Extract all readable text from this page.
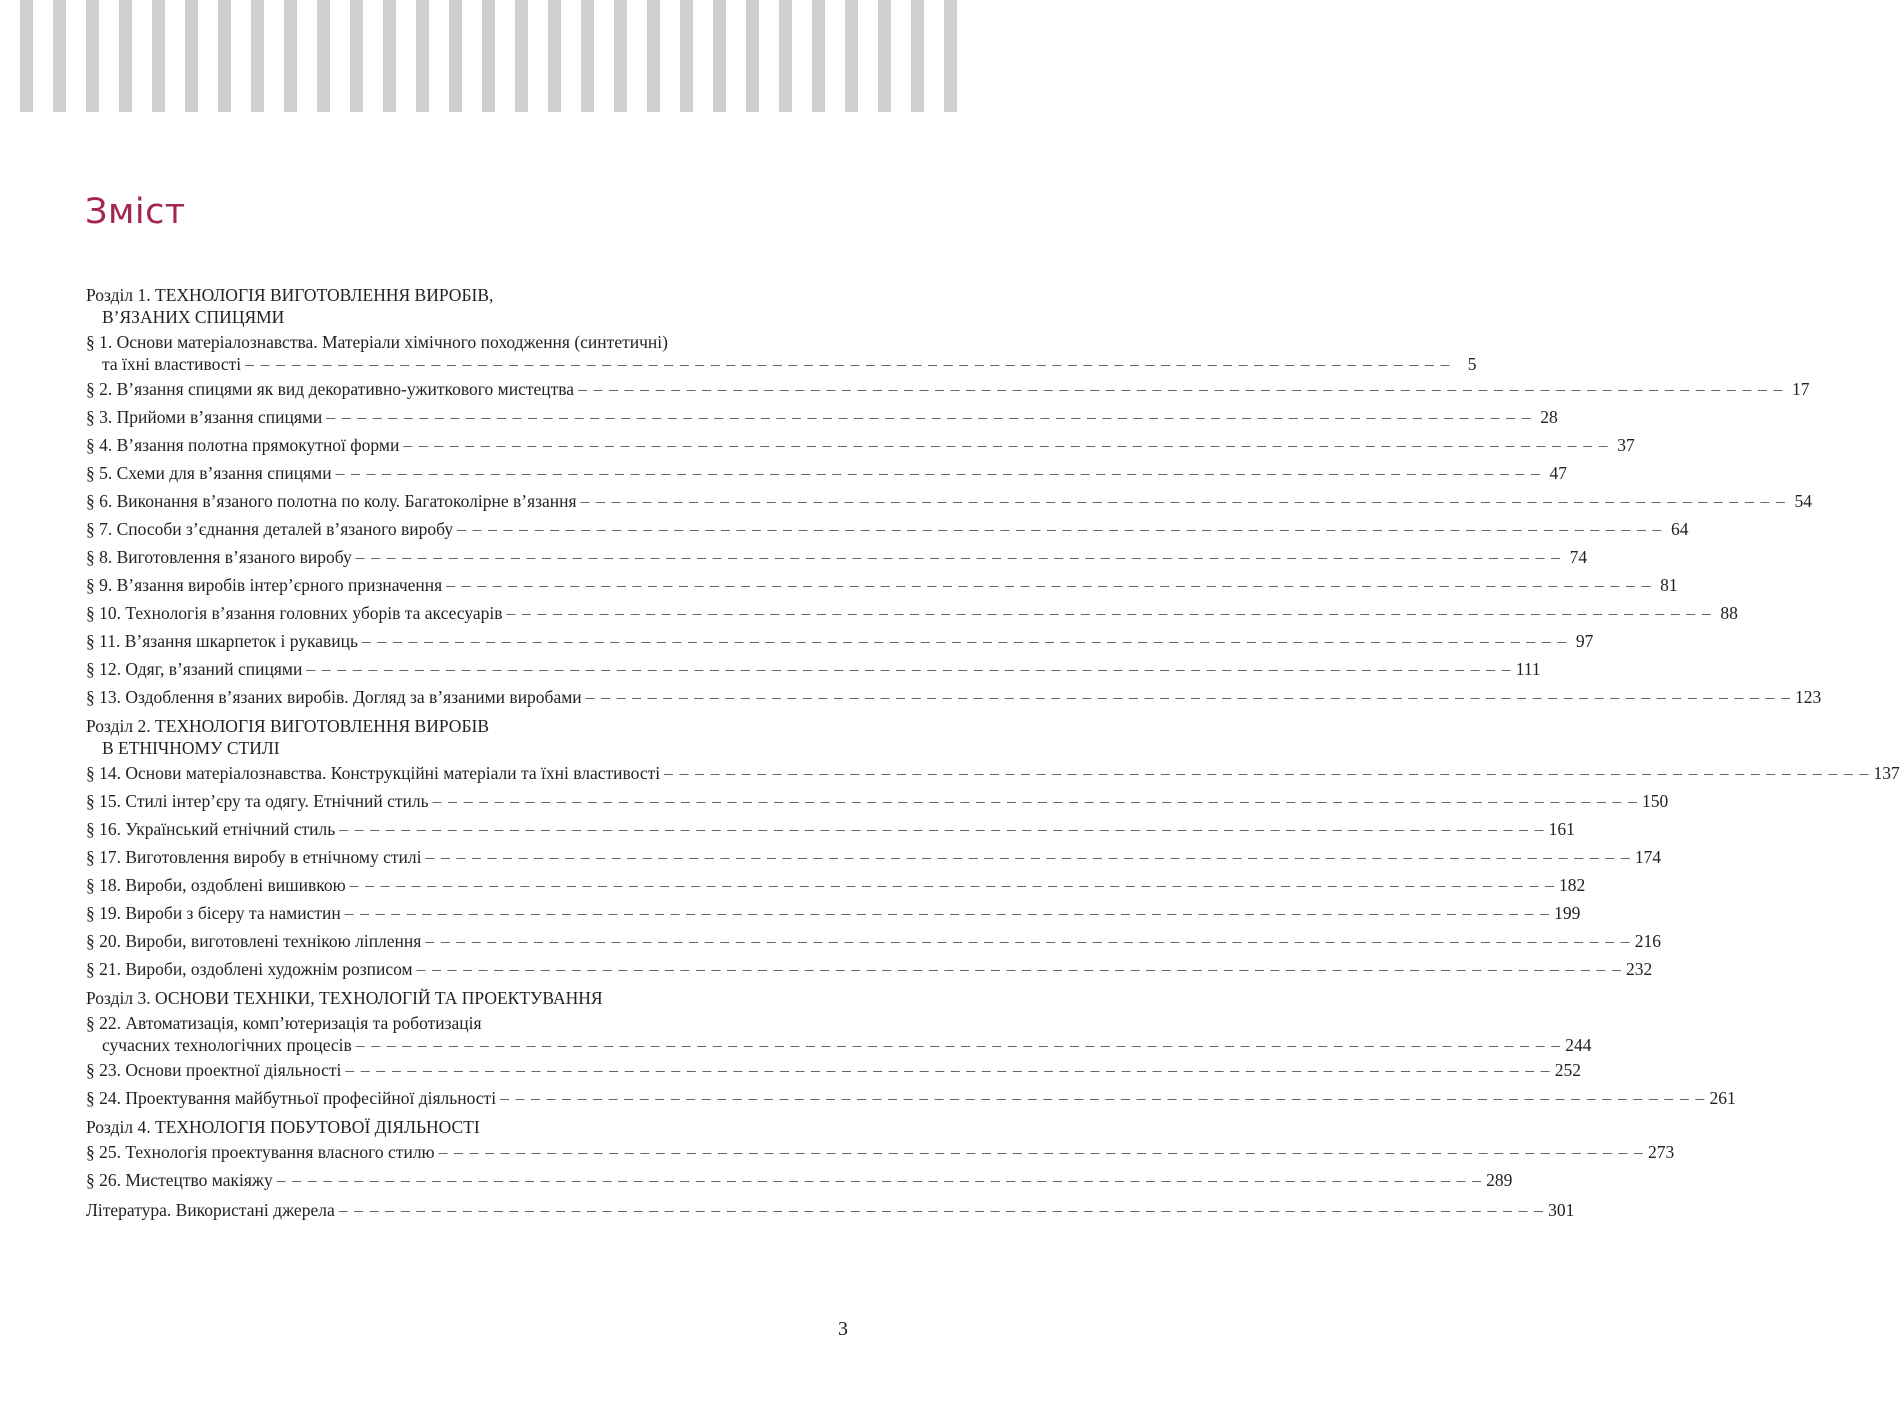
Зміст
Розділ 1. ТЕХНОЛОГІЯ ВИГОТОВЛЕННЯ ВИРОБІВ,
В’ЯЗАНИХ СПИЦЯМИ
§ 1. Основи матеріалознавства. Матеріали хімічного походження (синтетичні)
та їхні властивості – – – – – – – – – – – – – – – – – – – – – – – – – – – – – – – – – – – – – – – – – – – – – – – – – – – – – – – – – – – – – – – – – – – – – – – – – – – – – – 5
§ 2. В’язання спицями як вид декоративно-ужиткового мистецтва – – – – – – – – – – – – – – – – – – – – – – – – – – – – – – – – – – – – – – – – – – – – – – – – – – – – – – – – – – – – – – – – – – – – – – – – – – – – – – 17
§ 3. Прийоми в’язання спицями – – – – – – – – – – – – – – – – – – – – – – – – – – – – – – – – – – – – – – – – – – – – – – – – – – – – – – – – – – – – – – – – – – – – – – – – – – – – – – 28
§ 4. В’язання полотна прямокутної форми – – – – – – – – – – – – – – – – – – – – – – – – – – – – – – – – – – – – – – – – – – – – – – – – – – – – – – – – – – – – – – – – – – – – – – – – – – – – – – 37
§ 5. Схеми для в’язання спицями – – – – – – – – – – – – – – – – – – – – – – – – – – – – – – – – – – – – – – – – – – – – – – – – – – – – – – – – – – – – – – – – – – – – – – – – – – – – – – 47
§ 6. Виконання в’язаного полотна по колу. Багатоколірне в’язання – – – – – – – – – – – – – – – – – – – – – – – – – – – – – – – – – – – – – – – – – – – – – – – – – – – – – – – – – – – – – – – – – – – – – – – – – – – – – – 54
§ 7. Способи з’єднання деталей в’язаного виробу – – – – – – – – – – – – – – – – – – – – – – – – – – – – – – – – – – – – – – – – – – – – – – – – – – – – – – – – – – – – – – – – – – – – – – – – – – – – – – 64
§ 8. Виготовлення в’язаного виробу – – – – – – – – – – – – – – – – – – – – – – – – – – – – – – – – – – – – – – – – – – – – – – – – – – – – – – – – – – – – – – – – – – – – – – – – – – – – – – 74
§ 9. В’язання виробів інтер’єрного призначення – – – – – – – – – – – – – – – – – – – – – – – – – – – – – – – – – – – – – – – – – – – – – – – – – – – – – – – – – – – – – – – – – – – – – – – – – – – – – – 81
§ 10. Технологія в’язання головних уборів та аксесуарів – – – – – – – – – – – – – – – – – – – – – – – – – – – – – – – – – – – – – – – – – – – – – – – – – – – – – – – – – – – – – – – – – – – – – – – – – – – – – – 88
§ 11. В’язання шкарпеток і рукавиць – – – – – – – – – – – – – – – – – – – – – – – – – – – – – – – – – – – – – – – – – – – – – – – – – – – – – – – – – – – – – – – – – – – – – – – – – – – – – – 97
§ 12. Одяг, в’язаний спицями – – – – – – – – – – – – – – – – – – – – – – – – – – – – – – – – – – – – – – – – – – – – – – – – – – – – – – – – – – – – – – – – – – – – – – – – – – – – – – 111
§ 13. Оздоблення в’язаних виробів. Догляд за в’язаними виробами – – – – – – – – – – – – – – – – – – – – – – – – – – – – – – – – – – – – – – – – – – – – – – – – – – – – – – – – – – – – – – – – – – – – – – – – – – – – – – 123
Розділ 2. ТЕХНОЛОГІЯ ВИГОТОВЛЕННЯ ВИРОБІВ
В ЕТНІЧНОМУ СТИЛІ
§ 14. Основи матеріалознавства. Конструкційні матеріали та їхні властивості – – – – – – – – – – – – – – – – – – – – – – – – – – – – – – – – – – – – – – – – – – – – – – – – – – – – – – – – – – – – – – – – – – – – – – – – – – – – – – 137
§ 15. Стилі інтер’єру та одягу. Етнічний стиль – – – – – – – – – – – – – – – – – – – – – – – – – – – – – – – – – – – – – – – – – – – – – – – – – – – – – – – – – – – – – – – – – – – – – – – – – – – – – – 150
§ 16. Український етнічний стиль – – – – – – – – – – – – – – – – – – – – – – – – – – – – – – – – – – – – – – – – – – – – – – – – – – – – – – – – – – – – – – – – – – – – – – – – – – – – – – 161
§ 17. Виготовлення виробу в етнічному стилі – – – – – – – – – – – – – – – – – – – – – – – – – – – – – – – – – – – – – – – – – – – – – – – – – – – – – – – – – – – – – – – – – – – – – – – – – – – – – – 174
§ 18. Вироби, оздоблені вишивкою – – – – – – – – – – – – – – – – – – – – – – – – – – – – – – – – – – – – – – – – – – – – – – – – – – – – – – – – – – – – – – – – – – – – – – – – – – – – – – 182
§ 19. Вироби з бісеру та намистин – – – – – – – – – – – – – – – – – – – – – – – – – – – – – – – – – – – – – – – – – – – – – – – – – – – – – – – – – – – – – – – – – – – – – – – – – – – – – – 199
§ 20. Вироби, виготовлені технікою ліплення – – – – – – – – – – – – – – – – – – – – – – – – – – – – – – – – – – – – – – – – – – – – – – – – – – – – – – – – – – – – – – – – – – – – – – – – – – – – – – 216
§ 21. Вироби, оздоблені художнім розписом – – – – – – – – – – – – – – – – – – – – – – – – – – – – – – – – – – – – – – – – – – – – – – – – – – – – – – – – – – – – – – – – – – – – – – – – – – – – – – 232
Розділ 3. ОСНОВИ ТЕХНІКИ, ТЕХНОЛОГІЙ ТА ПРОЕКТУВАННЯ
§ 22. Автоматизація, комп’ютеризація та роботизація
сучасних технологічних процесів – – – – – – – – – – – – – – – – – – – – – – – – – – – – – – – – – – – – – – – – – – – – – – – – – – – – – – – – – – – – – – – – – – – – – – – – – – – – – – 244
§ 23. Основи проектної діяльності – – – – – – – – – – – – – – – – – – – – – – – – – – – – – – – – – – – – – – – – – – – – – – – – – – – – – – – – – – – – – – – – – – – – – – – – – – – – – – 252
§ 24. Проектування майбутньої професійної діяльності – – – – – – – – – – – – – – – – – – – – – – – – – – – – – – – – – – – – – – – – – – – – – – – – – – – – – – – – – – – – – – – – – – – – – – – – – – – – – – 261
Розділ 4. ТЕХНОЛОГІЯ ПОБУТОВОЇ ДІЯЛЬНОСТІ
§ 25. Технологія проектування власного стилю – – – – – – – – – – – – – – – – – – – – – – – – – – – – – – – – – – – – – – – – – – – – – – – – – – – – – – – – – – – – – – – – – – – – – – – – – – – – – – 273
§ 26. Мистецтво макіяжу – – – – – – – – – – – – – – – – – – – – – – – – – – – – – – – – – – – – – – – – – – – – – – – – – – – – – – – – – – – – – – – – – – – – – – – – – – – – – – 289
Література. Використані джерела – – – – – – – – – – – – – – – – – – – – – – – – – – – – – – – – – – – – – – – – – – – – – – – – – – – – – – – – – – – – – – – – – – – – – – – – – – – – – – 301
3
